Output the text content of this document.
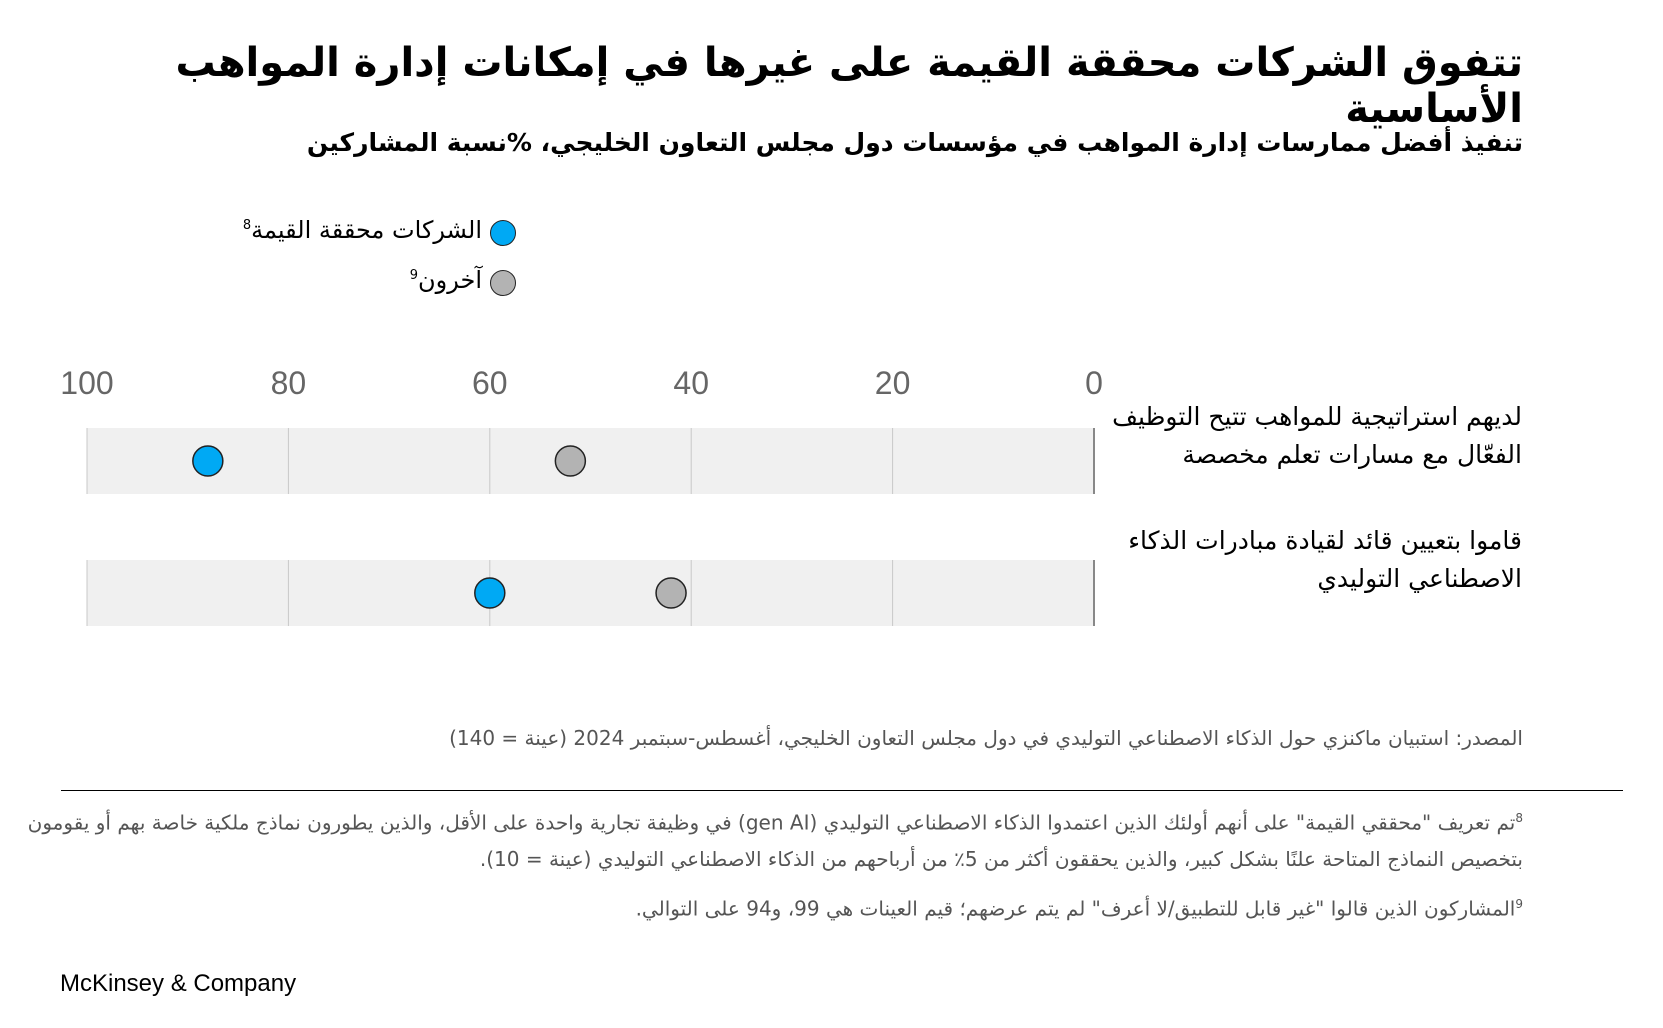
تتفوق الشركات محققة القيمة على غيرها في إمكانات إدارة المواهب الأساسية
تنفيذ أفضل ممارسات إدارة المواهب في مؤسسات دول مجلس التعاون الخليجي، %نسبة المشاركين
الشركات محققة القيمة$^8$
آخرون$^9$
0
20
40
60
80
100
لديهم استراتيجية للمواهب تتيح التوظيف الفعّال مع مسارات تعلم مخصصة
قاموا بتعيين قائد لقيادة مبادرات الذكاء الاصطناعي التوليدي
المصدر: استبيان ماكنزي حول الذكاء الاصطناعي التوليدي في دول مجلس التعاون الخليجي، أغسطس-سبتمبر 2024 (عينة = 140)
$^8$تم تعريف "محققي القيمة" على أنهم أولئك الذين اعتمدوا الذكاء الاصطناعي التوليدي (gen AI) في وظيفة تجارية واحدة على الأقل، والذين يطورون نماذج ملكية خاصة بهم أو يقومون بتخصيص النماذج المتاحة علنًا بشكل كبير، والذين يحققون أكثر من 5٪ من أرباحهم من الذكاء الاصطناعي التوليدي (عينة = 10).
$^9$المشاركون الذين قالوا "غير قابل للتطبيق/لا أعرف" لم يتم عرضهم؛ قيم العينات هي 99، و94 على التوالي.
McKinsey & Company
